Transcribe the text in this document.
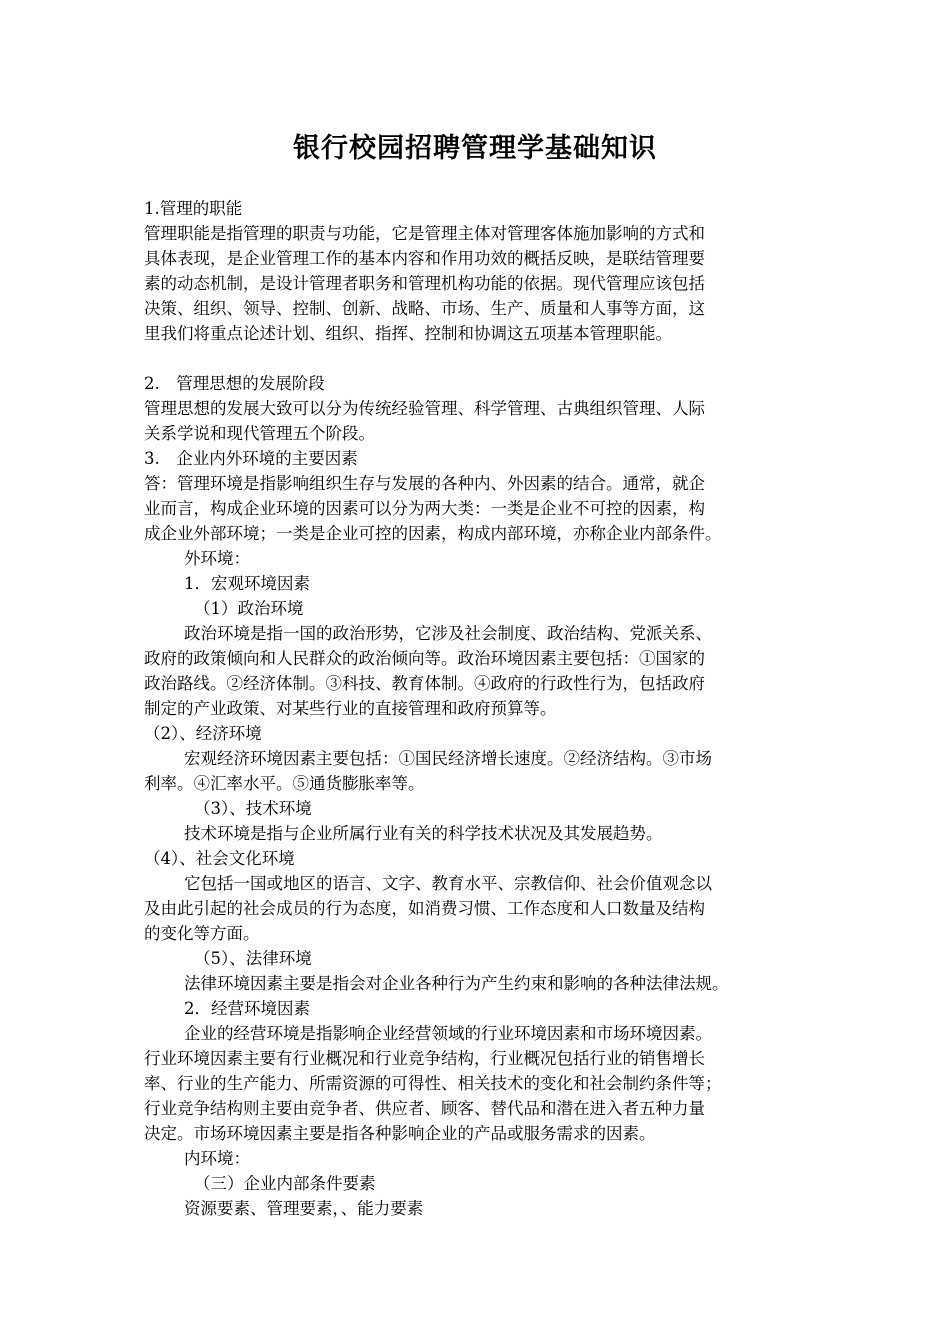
银行校园招聘管理学基础知识
1.管理的职能
管理职能是指管理的职责与功能，它是管理主体对管理客体施加影响的方式和
具体表现，是企业管理工作的基本内容和作用功效的概括反映，是联结管理要
素的动态机制，是设计管理者职务和管理机构功能的依据。现代管理应该包括
决策、组织、领导、控制、创新、战略、市场、生产、质量和人事等方面，这
里我们将重点论述计划、组织、指挥、控制和协调这五项基本管理职能。
2.　管理思想的发展阶段
管理思想的发展大致可以分为传统经验管理、科学管理、古典组织管理、人际
关系学说和现代管理五个阶段。
3.　企业内外环境的主要因素
答：管理环境是指影响组织生存与发展的各种内、外因素的结合。通常，就企
业而言，构成企业环境的因素可以分为两大类：一类是企业不可控的因素，构
成企业外部环境；一类是企业可控的因素，构成内部环境，亦称企业内部条件。
外环境：
1．宏观环境因素
（1）政治环境
政治环境是指一国的政治形势，它涉及社会制度、政治结构、党派关系、
政府的政策倾向和人民群众的政治倾向等。政治环境因素主要包括：①国家的
政治路线。②经济体制。③科技、教育体制。④政府的行政性行为，包括政府
制定的产业政策、对某些行业的直接管理和政府预算等。
（2）、经济环境
宏观经济环境因素主要包括：①国民经济增长速度。②经济结构。③市场
利率。④汇率水平。⑤通货膨胀率等。
（3）、技术环境
技术环境是指与企业所属行业有关的科学技术状况及其发展趋势。
（4）、社会文化环境
它包括一国或地区的语言、文字、教育水平、宗教信仰、社会价值观念以
及由此引起的社会成员的行为态度，如消费习惯、工作态度和人口数量及结构
的变化等方面。
（5）、法律环境
法律环境因素主要是指会对企业各种行为产生约束和影响的各种法律法规。
2．经营环境因素
企业的经营环境是指影响企业经营领域的行业环境因素和市场环境因素。
行业环境因素主要有行业概况和行业竞争结构，行业概况包括行业的销售增长
率、行业的生产能力、所需资源的可得性、相关技术的变化和社会制约条件等；
行业竞争结构则主要由竞争者、供应者、顾客、替代品和潜在进入者五种力量
决定。市场环境因素主要是指各种影响企业的产品或服务需求的因素。
内环境：
（三）企业内部条件要素
资源要素、管理要素，、能力要素
